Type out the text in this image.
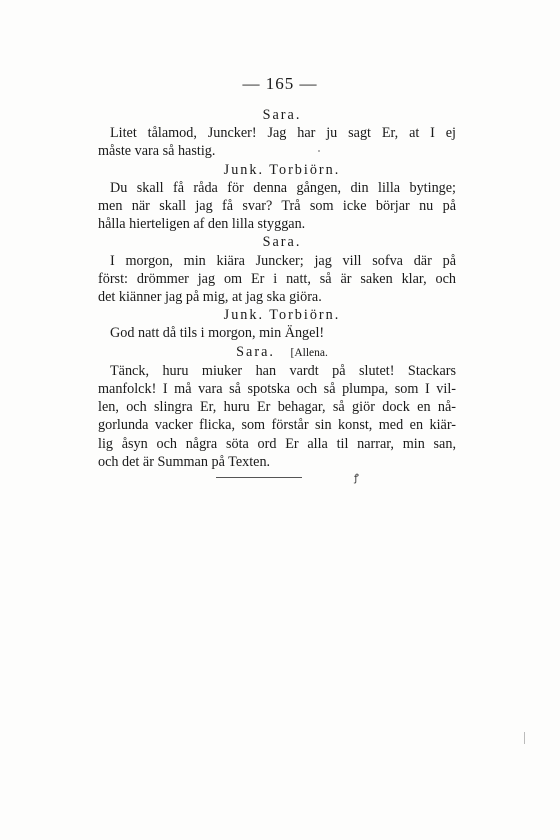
— 165 —
Sara.
Litet tålamod, Juncker! Jag har ju sagt Er, at I ej
måste vara så hastig.
Junk. Torbiörn.
Du skall få råda för denna gången, din lilla bytinge;
men när skall jag få svar? Trå som icke börjar nu på
hålla hierteligen af den lilla styggan.
Sara.
I morgon, min kiära Juncker; jag vill sofva där på
först: drömmer jag om Er i natt, så är saken klar, och
det kiänner jag på mig, at jag ska giöra.
Junk. Torbiörn.
God natt då tils i morgon, min Ängel!
Sara. [Allena.
Tänck, huru miuker han vardt på slutet! Stackars
manfolck! I må vara så spotska och så plumpa, som I vil-
len, och slingra Er, huru Er behagar, så giör dock en nå-
gorlunda vacker flicka, som förstår sin konst, med en kiär-
lig åsyn och några söta ord Er alla til narrar, min san,
och det är Summan på Texten.
ꝭ
